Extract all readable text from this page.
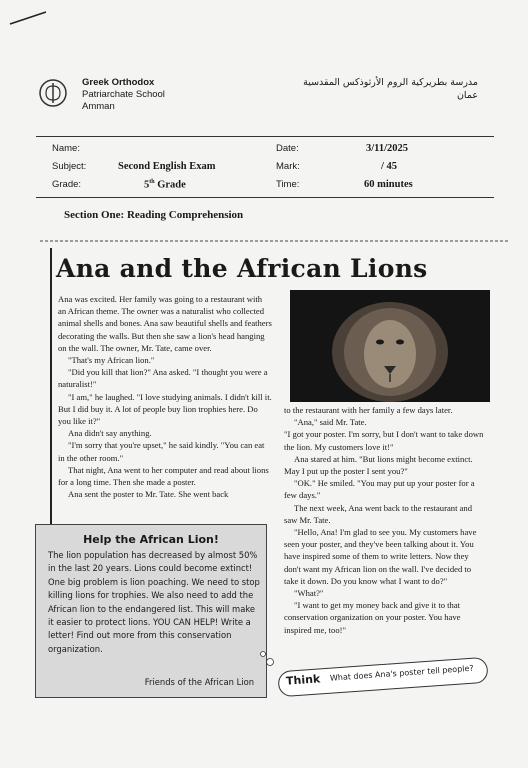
Greek Orthodox
Patriarchate School
Amman
مدرسة بطريركية الروم الأرثوذكس المقدسية
عمان
Name:	Date:	3/11/2025
Subject:	Second English Exam	Mark:	/ 45
Grade:	5th Grade	Time:	60 minutes
Section One: Reading Comprehension
Ana and the African Lions

Ana was excited. Her family was going to a restaurant with an African theme. The owner was a naturalist who collected animal shells and bones. Ana saw beautiful shells and feathers decorating the walls. But then she saw a lion's head hanging on the wall. The owner, Mr. Tate, came over.

"That's my African lion."

"Did you kill that lion?" Ana asked. "I thought you were a naturalist!"

"I am," he laughed. "I love studying animals. I didn't kill it. But I did buy it. A lot of people buy lion trophies here. Do you like it?"

Ana didn't say anything.

"I'm sorry that you're upset," he said kindly. "You can eat in the other room."

That night, Ana went to her computer and read about lions for a long time. Then she made a poster.

Ana sent the poster to Mr. Tate. She went back

to the restaurant with her family a few days later.

"Ana," said Mr. Tate.

"I got your poster. I'm sorry, but I don't want to take down the lion. My customers love it!"

Ana stared at him. "But lions might become extinct. May I put up the poster I sent you?"

"OK." He smiled. "You may put up your poster for a few days."

The next week, Ana went back to the restaurant and saw Mr. Tate.

"Hello, Ana! I'm glad to see you. My customers have seen your poster, and they've been talking about it. You have inspired some of them to write letters. Now they don't want my African lion on the wall. I've decided to take it down. Do you know what I want to do?"

"What?"

"I want to get my money back and give it to that conservation organization on your poster. You have inspired me, too!"

Help the African Lion!
The lion population has decreased by almost 50% in the last 20 years. Lions could become extinct! One big problem is lion poaching. We need to stop killing lions for trophies. We also need to add the African lion to the endangered list. This will make it easier to protect lions. YOU CAN HELP! Write a letter! Find out more from this conservation organization.
Friends of the African Lion	Think What does Ana's poster tell people?
